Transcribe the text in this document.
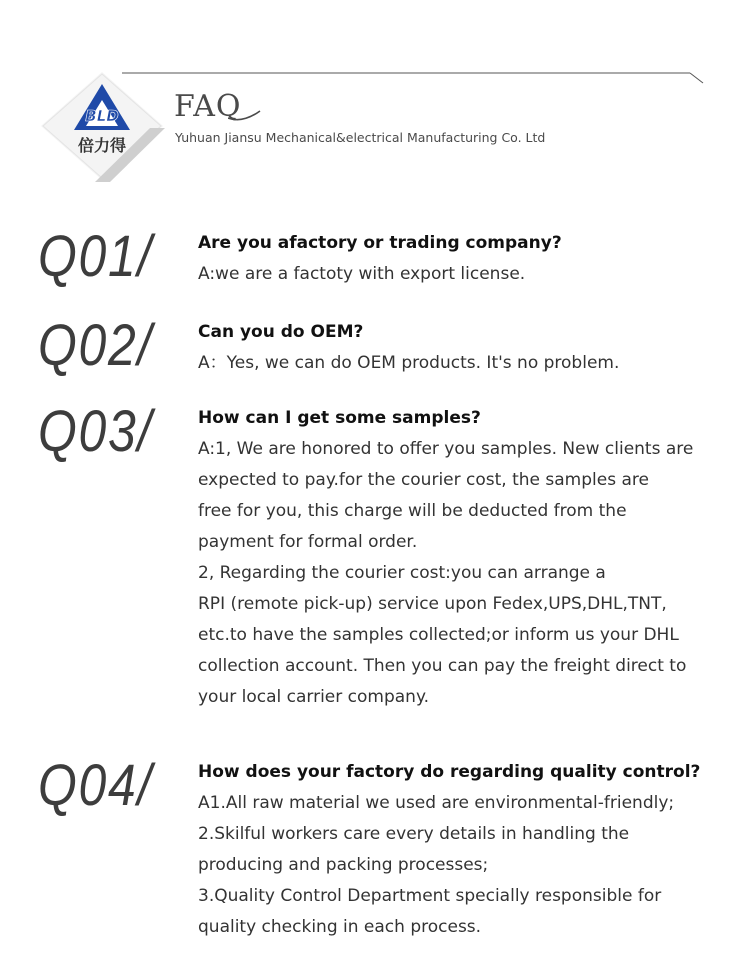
BLD
倍力得
FAQ
Yuhuan Jiansu Mechanical&electrical Manufacturing Co. Ltd
Q01/	Are you afactory or trading company?
A:we are a factoty with export license.
Q02/	Can you do OEM?
A：Yes, we can do OEM products. It's no problem.
Q03/	How can I get some samples?
A:1, We are honored to offer you samples. New clients are
expected to pay.for the courier cost, the samples are
free for you, this charge will be deducted from the
payment for formal order.
2, Regarding the courier cost:you can arrange a
RPI (remote pick-up) service upon Fedex,UPS,DHL,TNT,
etc.to have the samples collected;or inform us your DHL
collection account. Then you can pay the freight direct to
your local carrier company.
Q04/	How does your factory do regarding quality control?
A1.All raw material we used are environmental-friendly;
2.Skilful workers care every details in handling the
producing and packing processes;
3.Quality Control Department specially responsible for
quality checking in each process.
